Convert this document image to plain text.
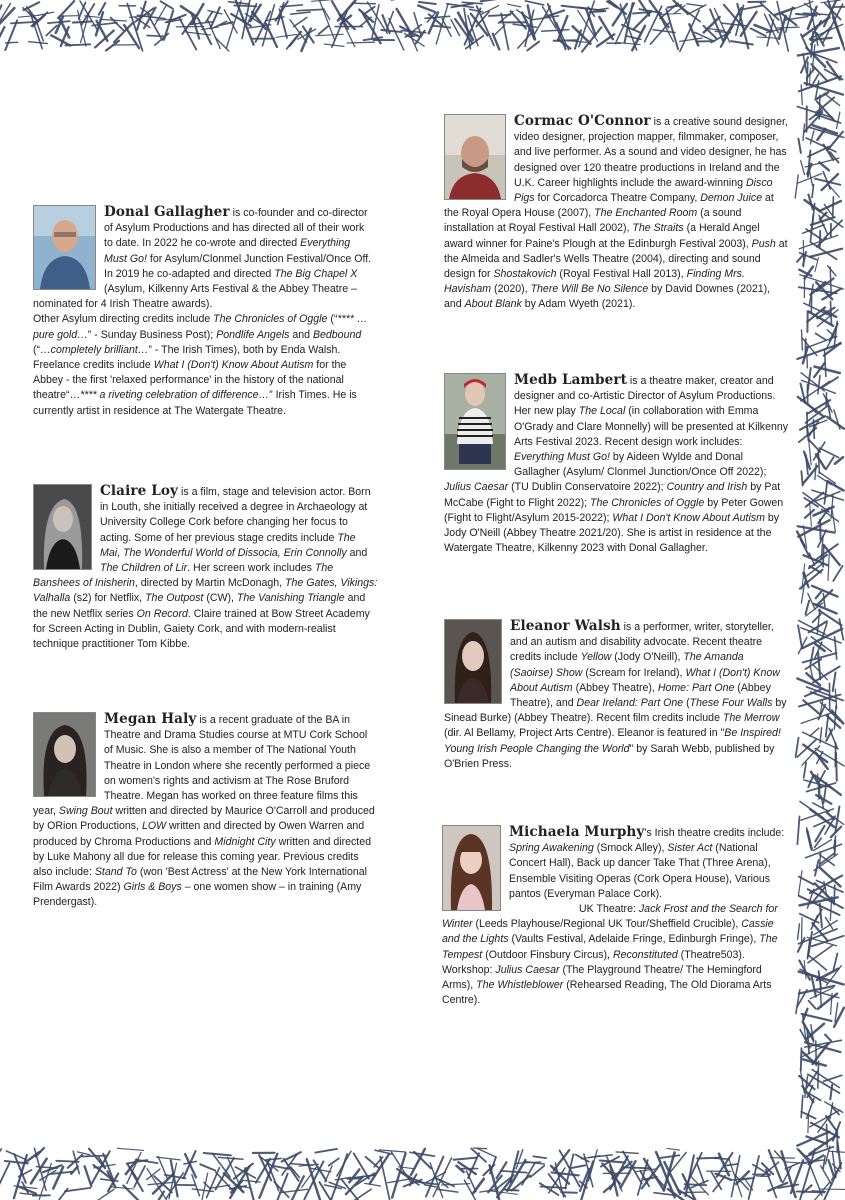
Donal Gallagher is co-founder and co-director of Asylum Productions and has directed all of their work to date. In 2022 he co-wrote and directed Everything Must Go! for Asylum/Clonmel Junction Festival/Once Off. In 2019 he co-adapted and directed The Big Chapel X (Asylum, Kilkenny Arts Festival & the Abbey Theatre – nominated for 4 Irish Theatre awards).

Other Asylum directing credits include The Chronicles of Oggle (“**** …pure gold…” - Sunday Business Post); Pondlife Angels and Bedbound (“…completely brilliant…” - The Irish Times), both by Enda Walsh. Freelance credits include What I (Don't) Know About Autism for the Abbey - the first 'relaxed performance' in the history of the national theatre“…**** a riveting celebration of difference…” Irish Times. He is currently artist in residence at The Watergate Theatre.

Claire Loy is a film, stage and television actor. Born in Louth, she initially received a degree in Archaeology at University College Cork before changing her focus to acting. Some of her previous stage credits include The Mai, The Wonderful World of Dissocia, Erin Connolly and The Children of Lir. Her screen work includes The Banshees of Inisherin, directed by Martin McDonagh, The Gates, Vikings: Valhalla (s2) for Netflix, The Outpost (CW), The Vanishing Triangle and the new Netflix series On Record. Claire trained at Bow Street Academy for Screen Acting in Dublin, Gaiety Cork, and with modern-realist technique practitioner Tom Kibbe.

Megan Haly is a recent graduate of the BA in Theatre and Drama Studies course at MTU Cork School of Music. She is also a member of The National Youth Theatre in London where she recently performed a piece on women's rights and activism at The Rose Bruford Theatre. Megan has worked on three feature films this year, Swing Bout written and directed by Maurice O'Carroll and produced by ORion Productions, LOW written and directed by Owen Warren and produced by Chroma Productions and Midnight City written and directed by Luke Mahony all due for release this coming year. Previous credits also include: Stand To (won 'Best Actress' at the New York International Film Awards 2022) Girls & Boys – one women show – in training (Amy Prendergast).

Cormac O'Connor is a creative sound designer, video designer, projection mapper, filmmaker, composer, and live performer. As a sound and video designer, he has designed over 120 theatre productions in Ireland and the U.K. Career highlights include the award-winning Disco Pigs for Corcadorca Theatre Company, Demon Juice at the Royal Opera House (2007), The Enchanted Room (a sound installation at Royal Festival Hall 2002), The Straits (a Herald Angel award winner for Paine's Plough at the Edinburgh Festival 2003), Push at the Almeida and Sadler's Wells Theatre (2004), directing and sound design for Shostakovich (Royal Festival Hall 2013), Finding Mrs. Havisham (2020), There Will Be No Silence by David Downes (2021), and About Blank by Adam Wyeth (2021).

Medb Lambert is a theatre maker, creator and designer and co-Artistic Director of Asylum Productions. Her new play The Local (in collaboration with Emma O'Grady and Clare Monnelly) will be presented at Kilkenny Arts Festival 2023. Recent design work includes: Everything Must Go! by Aideen Wylde and Donal Gallagher (Asylum/ Clonmel Junction/Once Off 2022); Julius Caesar (TU Dublin Conservatoire 2022); Country and Irish by Pat McCabe (Fight to Flight 2022); The Chronicles of Oggle by Peter Gowen (Fight to Flight/Asylum 2015-2022); What I Don't Know About Autism by Jody O'Neill (Abbey Theatre 2021/20). She is artist in residence at the Watergate Theatre, Kilkenny 2023 with Donal Gallagher.

Eleanor Walsh is a performer, writer, storyteller, and an autism and disability advocate. Recent theatre credits include Yellow (Jody O'Neill), The Amanda (Saoirse) Show (Scream for Ireland), What I (Don't) Know About Autism (Abbey Theatre), Home: Part One (Abbey Theatre), and Dear Ireland: Part One (These Four Walls by Sinead Burke) (Abbey Theatre). Recent film credits include The Merrow (dir. Al Bellamy, Project Arts Centre). Eleanor is featured in "Be Inspired! Young Irish People Changing the World" by Sarah Webb, published by O'Brien Press.

Michaela Murphy's Irish theatre credits include: Spring Awakening (Smock Alley), Sister Act (National Concert Hall), Back up dancer Take That (Three Arena), Ensemble Visiting Operas (Cork Opera House), Various pantos (Everyman Palace Cork).

UK Theatre: Jack Frost and the Search for Winter (Leeds Playhouse/Regional UK Tour/Sheffield Crucible), Cassie and the Lights (Vaults Festival, Adelaide Fringe, Edinburgh Fringe), The Tempest (Outdoor Finsbury Circus), Reconstituted (Theatre503). Workshop: Julius Caesar (The Playground Theatre/ The Hemingford Arms), The Whistleblower (Rehearsed Reading, The Old Diorama Arts Centre).
